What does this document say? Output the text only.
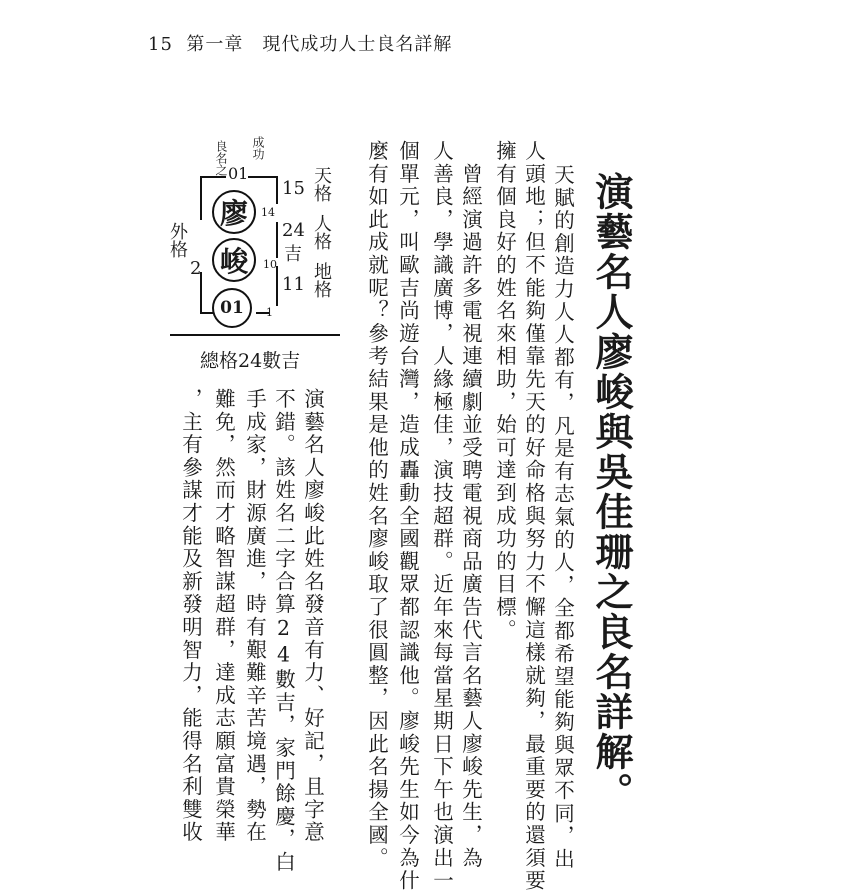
15 第一章　現代成功人士良名詳解
演藝名人廖峻與吳佳珊之良名詳解。
天賦的創造力人人都有，凡是有志氣的人，全都希望能夠與眾不同，出
人頭地；但不能夠僅靠先天的好命格與努力不懈這樣就夠，最重要的還須要
擁有個良好的姓名來相助，始可達到成功的目標。
　曾經演過許多電視連續劇並受聘電視商品廣告代言名藝人廖峻先生，為
人善良，學識廣博，人緣極佳，演技超群。近年來每當星期日下午也演出一
個單元，叫歐吉尚遊台灣，造成轟動全國觀眾都認識他。廖峻先生如今為什
麼有如此成就呢？參考結果是他的姓名廖峻取了很圓整，因此名揚全國。
演藝名人廖峻此姓名發音有力、好記，且字意
不錯。該姓名二字合算24數吉，家門餘慶，白
手成家，財源廣進，時有艱難辛苦境遇，勢在
難免，然而才略智謀超群，達成志願富貴榮華
，主有參謀才能及新發明智力，能得名利雙收
良名之 成功
01
廖
峻
01
14
10
1
15
24
吉
11
外格
2
天格
人格
地格
總格24數吉
